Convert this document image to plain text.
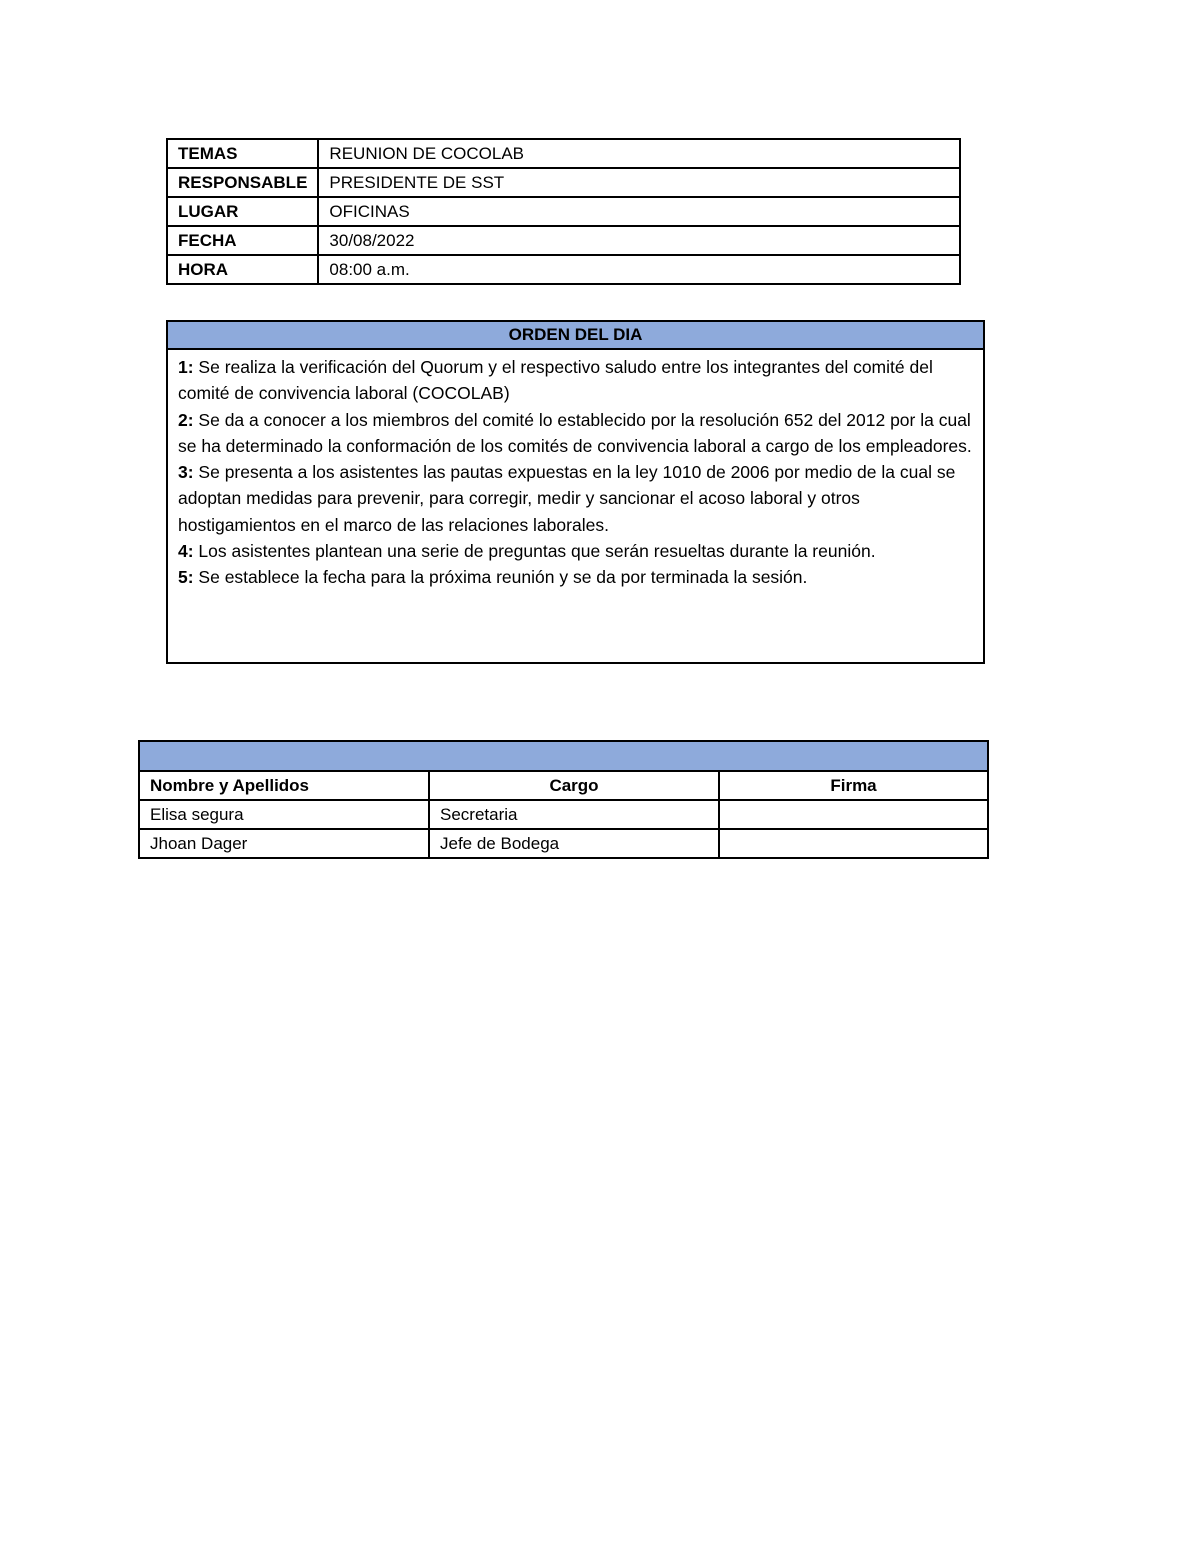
TEMAS	REUNION DE COCOLAB
RESPONSABLE	PRESIDENTE DE SST
LUGAR	OFICINAS
FECHA	30/08/2022
HORA	08:00 a.m.
ORDEN DEL DIA

1: Se realiza la verificación del Quorum y el respectivo saludo entre los integrantes del comité del comité de convivencia laboral (COCOLAB)

2: Se da a conocer a los miembros del comité lo establecido por la resolución 652 del 2012 por la cual se ha determinado la conformación de los comités de convivencia laboral a cargo de los empleadores.

3: Se presenta a los asistentes las pautas expuestas en la ley 1010 de 2006 por medio de la cual se adoptan medidas para prevenir, para corregir, medir y sancionar el acoso laboral y otros hostigamientos en el marco de las relaciones laborales.

4: Los asistentes plantean una serie de preguntas que serán resueltas durante la reunión.

5: Se establece la fecha para la próxima reunión y se da por terminada la sesión.

Nombre y Apellidos	Cargo	Firma
Elisa segura	Secretaria	
Jhoan Dager	Jefe de Bodega	
